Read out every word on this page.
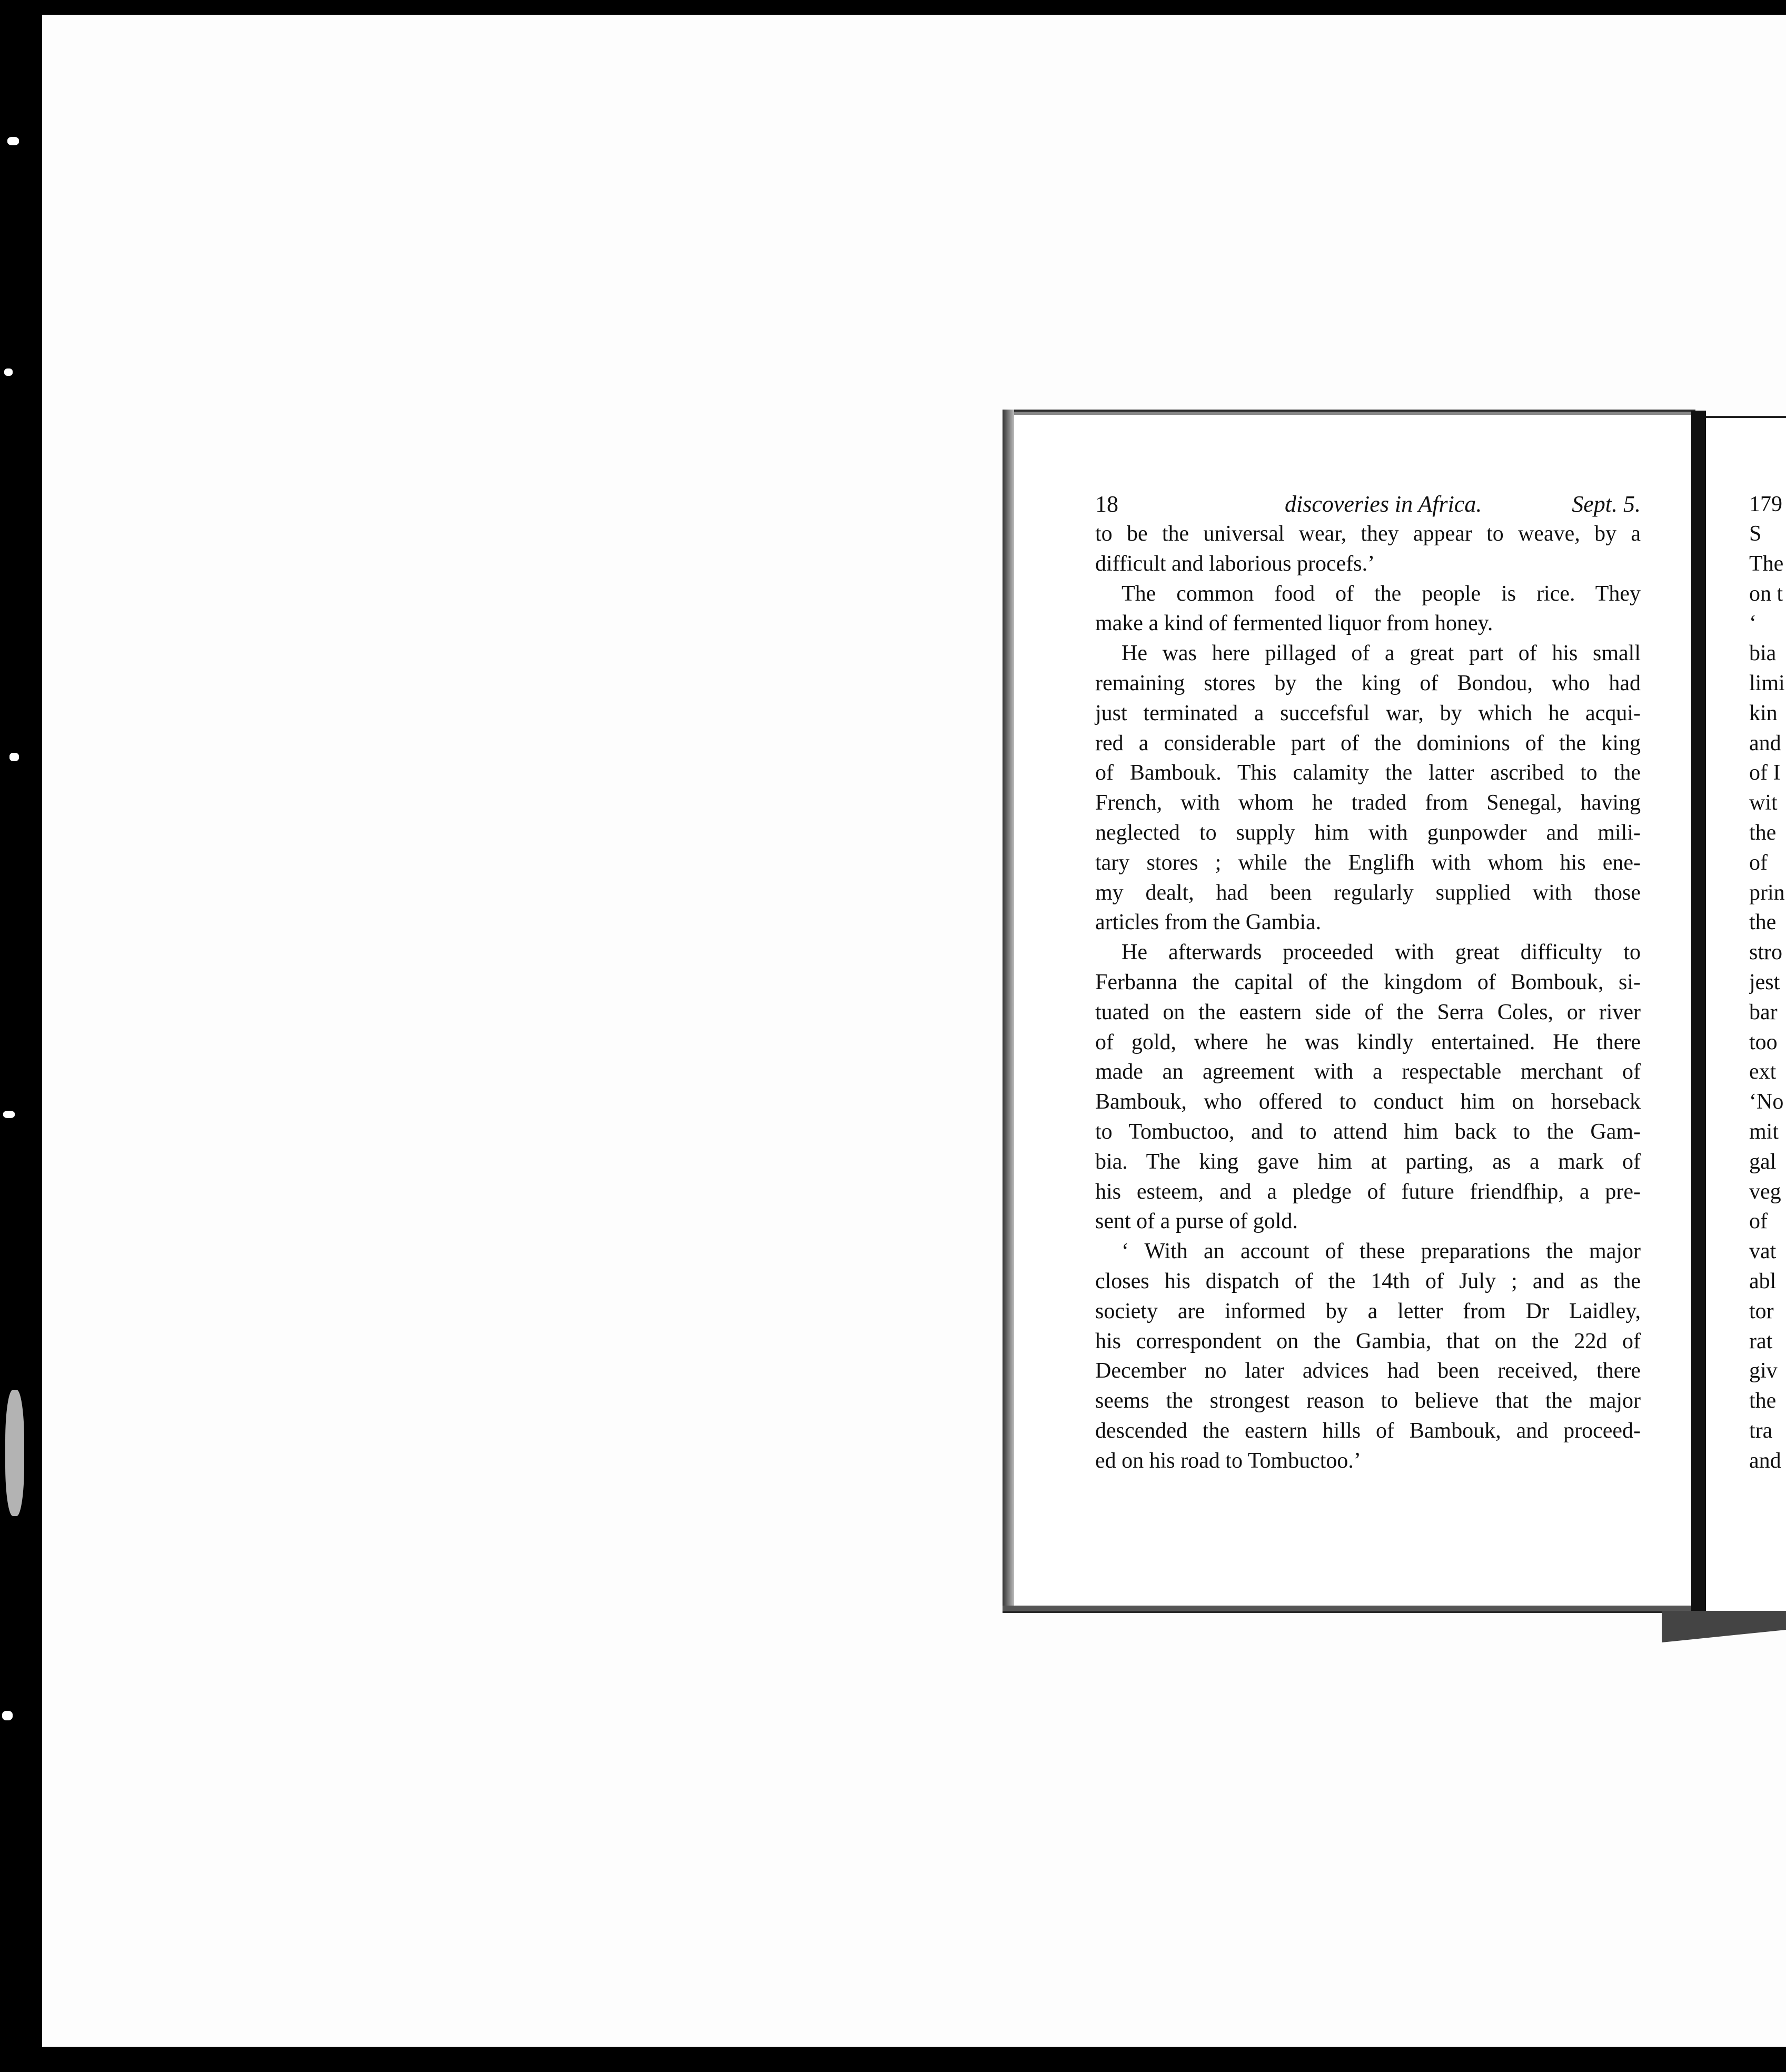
18	discoveries in Africa.	Sept. 5.
to be the universal wear, they appear to weave, by a
difficult and laborious procefs.’
The common food of the people is rice. They
make a kind of fermented liquor from honey.
He was here pillaged of a great part of his small
remaining stores by the king of Bondou, who had
just terminated a succefsful war, by which he acqui-
red a considerable part of the dominions of the king
of Bambouk. This calamity the latter ascribed to the
French, with whom he traded from Senegal, having
neglected to supply him with gunpowder and mili-
tary stores ; while the Englifh with whom his ene-
my dealt, had been regularly supplied with those
articles from the Gambia.
He afterwards proceeded with great difficulty to
Ferbanna the capital of the kingdom of Bombouk, si-
tuated on the eastern side of the Serra Coles, or river
of gold, where he was kindly entertained. He there
made an agreement with a respectable merchant of
Bambouk, who offered to conduct him on horseback
to Tombuctoo, and to attend him back to the Gam-
bia. The king gave him at parting, as a mark of
his esteem, and a pledge of future friendfhip, a pre-
sent of a purse of gold.
‘ With an account of these preparations the major
closes his dispatch of the 14th of July ; and as the
society are informed by a letter from Dr Laidley,
his correspondent on the Gambia, that on the 22d of
December no later advices had been received, there
seems the strongest reason to believe that the major
descended the eastern hills of Bambouk, and proceed-
ed on his road to Tombuctoo.’
179
S
The
on t
‘
bia
limi
kin
and
of I
wit
the
of
prin
the
stro
jest
bar
too
ext
‘No
mit
gal
veg
of
vat
abl
tor
rat
giv
the
tra
and
